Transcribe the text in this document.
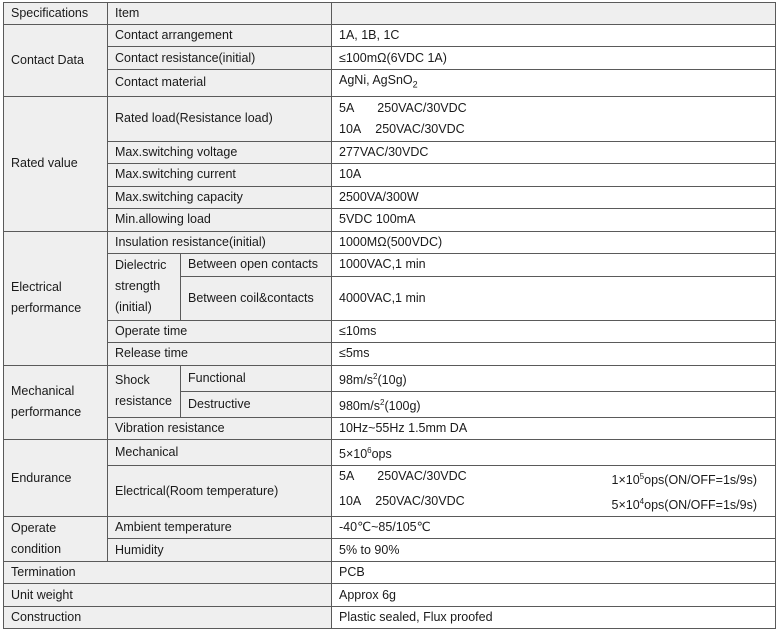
Specifications	Item		
Contact Data	Contact arrangement		1A, 1B, 1C
	Contact resistance(initial)		≤100mΩ(6VDC 1A)
	Contact material		AgNi, AgSnO$_2$
Rated value	Rated load(Resistance load)		5A 250VAC/30VDC
10A 250VAC/30VDC

	Max.switching voltage		277VAC/30VDC
	Max.switching current		10A
	Max.switching capacity		2500VA/300W
	Min.allowing load		5VDC 100mA

Electrical
performance	Insulation resistance(initial)		1000MΩ(500VDC)

	Dielectric
strength
(initial)	Between open contacts	1000VAC,1 min
		Between coil&contacts	4000VAC,1 min
	Operate time		≤10ms
	Release time		≤5ms

Mechanical
performance	Shock
resistance	Functional	$98m/s^2(10g)$
		Destructive	$980m/s^2(100g)$
	Vibration resistance		10Hz~55Hz 1.5mm DA
Endurance	Mechanical		$5\times 10^6ops$
	Electrical(Room temperature)		5A 250VAC/30VDC $1\times 10^5ops(ON/OFF=1s/9s)$
10A 250VAC/30VDC $5\times 10^4ops(ON/OFF=1s/9s)$

Operate
condition	Ambient temperature		-40℃~85/105℃
	Humidity		5% to 90%
Termination			PCB
Unit weight			Approx 6g
Construction			Plastic sealed, Flux proofed
